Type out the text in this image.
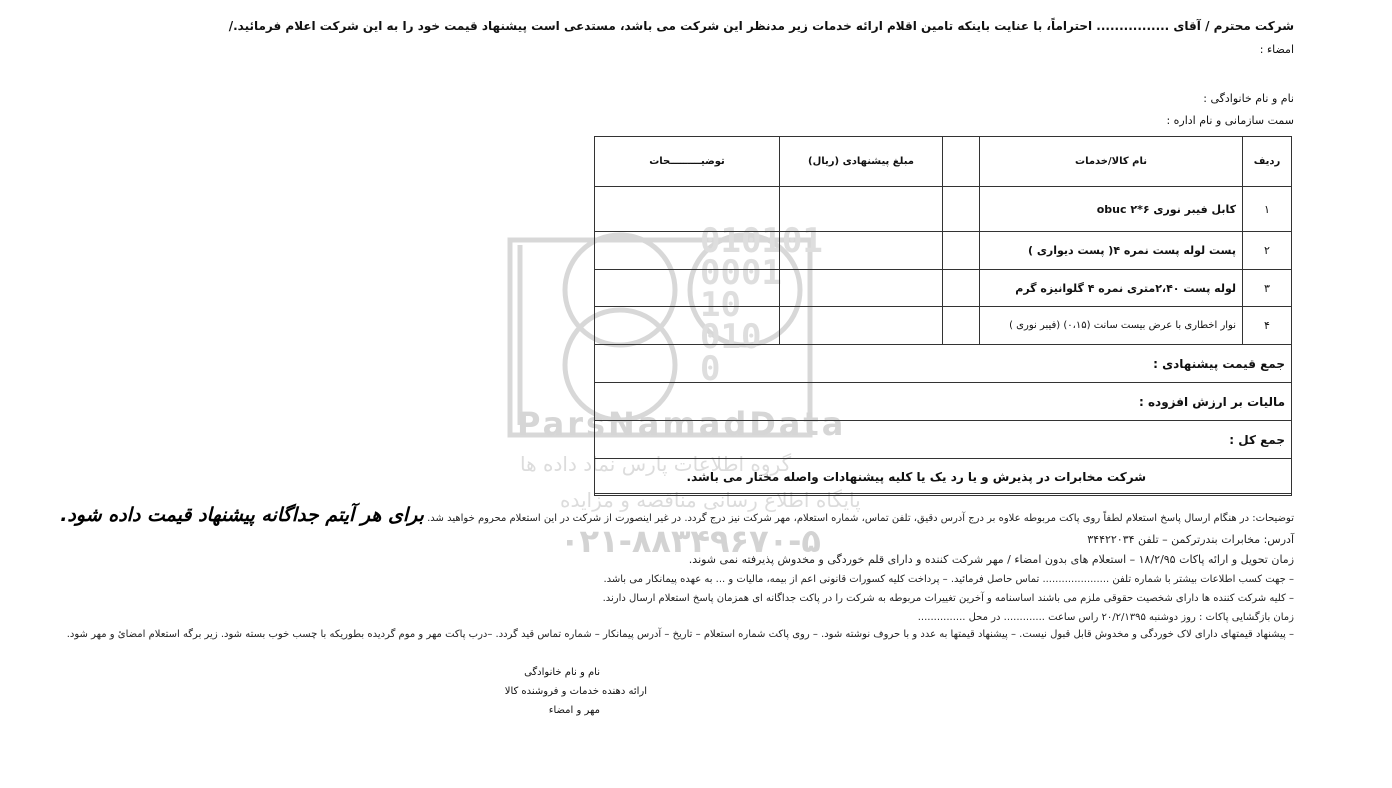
010101
0001
10
010
0
ParsNamadData
گروه اطلاعات پارس نماد داده ها
پایگاه اطلاع رسانی مناقصه و مزایده
۰۲۱-۸۸۳۴۹۶۷۰-۵
شرکت محترم / آقای ................ احتراماً، با عنایت باینکه تامین اقلام ارائه خدمات زیر مدنظر این شرکت می باشد، مستدعی است پیشنهاد قیمت خود را به این شرکت اعلام فرمائید./
امضاء :
نام و نام خانوادگی :
سمت سازمانی و نام اداره :
ردیف	نام کالا/خدمات		مبلغ پیشنهادی (ریال)	توضیـــــــــحات
۱	کابل فیبر نوری ۶*۲ obuc			
۲	پست لوله پست نمره ۴( پست دیواری )			
۳	لوله پست ۲،۴۰متری نمره ۴ گلوانیزه گرم			
۴	نوار اخطاری با عرض بیست سانت (۰،۱۵) (فیبر نوری )			
جمع قیمت پیشنهادی :				
مالیات بر ارزش افزوده :				
جمع کل :				
شرکت مخابرات در پذیرش و یا رد یک یا کلیه پیشنهادات واصله مختار می باشد.				
توضیحات: در هنگام ارسال پاسخ استعلام لطفاً روی پاکت مربوطه علاوه بر درج آدرس دقیق، تلفن تماس، شماره استعلام، مهر شرکت نیز درج گردد. در غیر اینصورت از شرکت در این استعلام محروم خواهید شد. برای هر آیتم جداگانه پیشنهاد قیمت داده شود.
آدرس: مخابرات بندرترکمن – تلفن ۳۴۴۲۲۰۳۴
زمان تحویل و ارائه پاکات ۱۸/۲/۹۵ – استعلام های بدون امضاء / مهر شرکت کننده و دارای قلم خوردگی و مخدوش پذیرفته نمی شوند.
– جهت کسب اطلاعات بیشتر با شماره تلفن ..................... تماس حاصل فرمائید. – پرداخت کلیه کسورات قانونی اعم از بیمه، مالیات و ... به عهده پیمانکار می باشد.
– کلیه شرکت کننده ها دارای شخصیت حقوقی ملزم می باشند اساسنامه و آخرین تغییرات مربوطه به شرکت را در پاکت جداگانه ای همزمان پاسخ استعلام ارسال دارند.
زمان بازگشایی پاکات : روز دوشنبه ۲۰/۲/۱۳۹۵ راس ساعت ............. در محل ...............
– پیشنهاد قیمتهای دارای لاک خوردگی و مخدوش قابل قبول نیست. – پیشنهاد قیمتها به عدد و با حروف نوشته شود. – روی پاکت شماره استعلام – تاریخ – آدرس پیمانکار – شماره تماس قید گردد. –درب پاکت مهر و موم گردیده بطوریکه با چسب خوب بسته شود. زیر برگه استعلام امضائ و مهر شود.
نام و نام خانوادگی
ارائه دهنده خدمات و فروشنده کالا
مهر و امضاء
